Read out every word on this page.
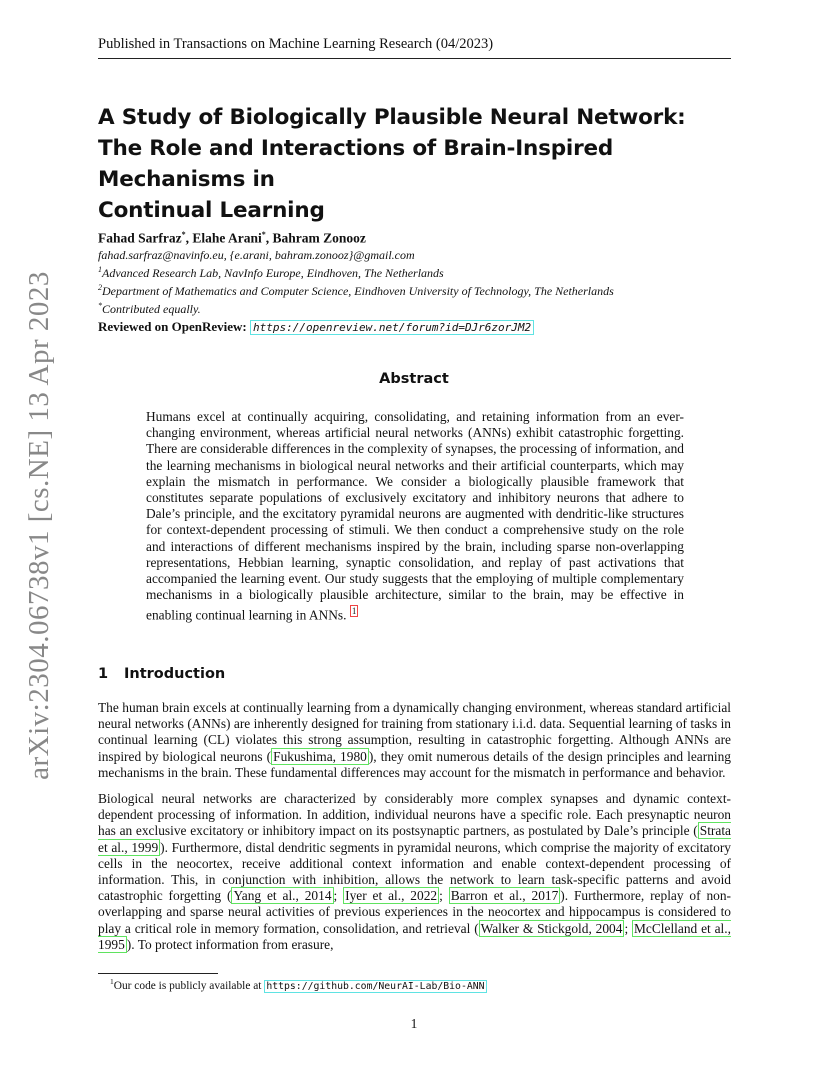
arXiv:2304.06738v1 [cs.NE] 13 Apr 2023
Published in Transactions on Machine Learning Research (04/2023)
A Study of Biologically Plausible Neural Network:
The Role and Interactions of Brain-Inspired Mechanisms in
Continual Learning
Fahad Sarfraz*, Elahe Arani*, Bahram Zonooz
fahad.sarfraz@navinfo.eu, {e.arani, bahram.zonooz}@gmail.com
$^1$Advanced Research Lab, NavInfo Europe, Eindhoven, The Netherlands
$^2$Department of Mathematics and Computer Science, Eindhoven University of Technology, The Netherlands
*Contributed equally.
Reviewed on OpenReview: https://openreview.net/forum?id=DJr6zorJM2
Abstract
Humans excel at continually acquiring, consolidating, and retaining information from an ever-changing environment, whereas artificial neural networks (ANNs) exhibit catastrophic forgetting. There are considerable differences in the complexity of synapses, the processing of information, and the learning mechanisms in biological neural networks and their artificial counterparts, which may explain the mismatch in performance. We consider a biologically plausible framework that constitutes separate populations of exclusively excitatory and inhibitory neurons that adhere to Dale’s principle, and the excitatory pyramidal neurons are augmented with dendritic-like structures for context-dependent processing of stimuli. We then conduct a comprehensive study on the role and interactions of different mechanisms inspired by the brain, including sparse non-overlapping representations, Hebbian learning, synaptic consolidation, and replay of past activations that accompanied the learning event. Our study suggests that the employing of multiple complementary mechanisms in a biologically plausible architecture, similar to the brain, may be effective in enabling continual learning in ANNs. $^1$
1 Introduction

The human brain excels at continually learning from a dynamically changing environment, whereas standard artificial neural networks (ANNs) are inherently designed for training from stationary i.i.d. data. Sequential learning of tasks in continual learning (CL) violates this strong assumption, resulting in catastrophic forgetting. Although ANNs are inspired by biological neurons ( Fukushima, 1980 ), they omit numerous details of the design principles and learning mechanisms in the brain. These fundamental differences may account for the mismatch in performance and behavior.

Biological neural networks are characterized by considerably more complex synapses and dynamic context-dependent processing of information. In addition, individual neurons have a specific role. Each presynaptic neuron has an exclusive excitatory or inhibitory impact on its postsynaptic partners, as postulated by Dale’s principle ( Strata et al., 1999 ). Furthermore, distal dendritic segments in pyramidal neurons, which comprise the majority of excitatory cells in the neocortex, receive additional context information and enable context-dependent processing of information. This, in conjunction with inhibition, allows the network to learn task-specific patterns and avoid catastrophic forgetting ( Yang et al., 2014 ; Iyer et al., 2022 ; Barron et al., 2017 ). Furthermore, replay of non-overlapping and sparse neural activities of previous experiences in the neocortex and hippocampus is considered to play a critical role in memory formation, consolidation, and retrieval ( Walker & Stickgold, 2004 ; McClelland et al., 1995 ). To protect information from erasure,

$^1$Our code is publicly available at https://github.com/NeurAI-Lab/Bio-ANN
1
